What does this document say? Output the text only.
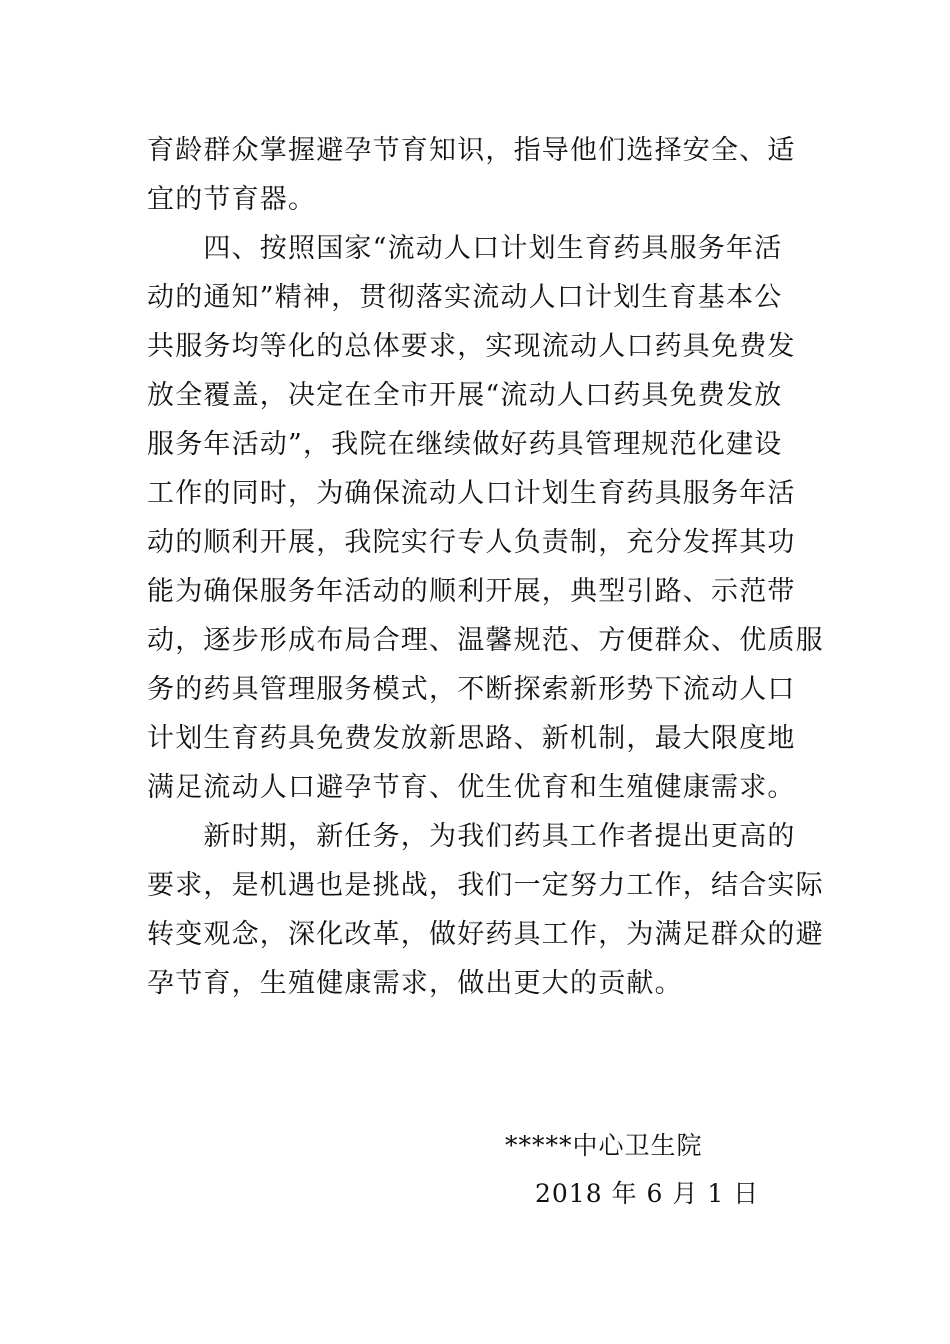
育龄群众掌握避孕节育知识，指导他们选择安全、适
宜的节育器。
　　四、按照国家“流动人口计划生育药具服务年活
动的通知”精神，贯彻落实流动人口计划生育基本公
共服务均等化的总体要求，实现流动人口药具免费发
放全覆盖，决定在全市开展“流动人口药具免费发放
服务年活动”，我院在继续做好药具管理规范化建设
工作的同时，为确保流动人口计划生育药具服务年活
动的顺利开展，我院实行专人负责制，充分发挥其功
能为确保服务年活动的顺利开展，典型引路、示范带
动，逐步形成布局合理、温馨规范、方便群众、优质服
务的药具管理服务模式，不断探索新形势下流动人口
计划生育药具免费发放新思路、新机制，最大限度地
满足流动人口避孕节育、优生优育和生殖健康需求。
　　新时期，新任务，为我们药具工作者提出更高的
要求，是机遇也是挑战，我们一定努力工作，结合实际
转变观念，深化改革，做好药具工作，为满足群众的避
孕节育，生殖健康需求，做出更大的贡献。
*****中心卫生院
2018 年 6 月 1 日
